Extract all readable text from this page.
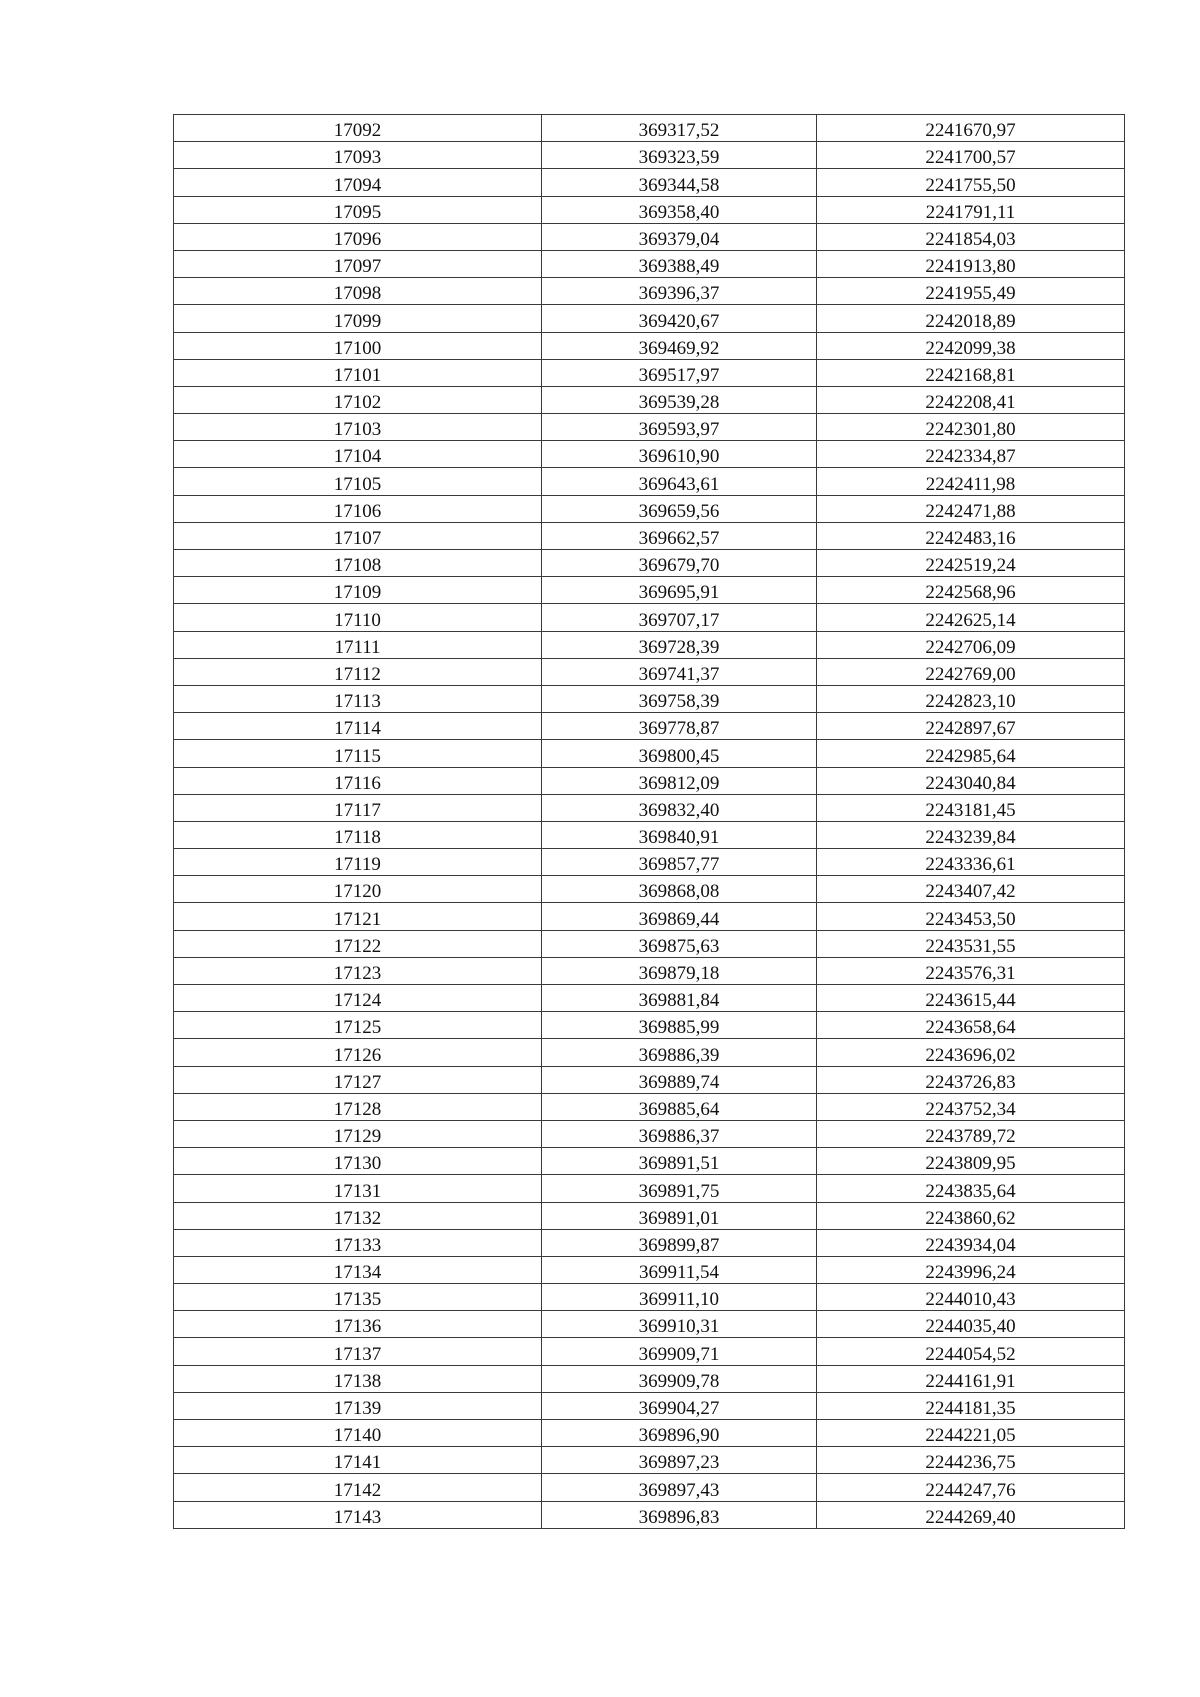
17092	369317,52	2241670,97
17093	369323,59	2241700,57
17094	369344,58	2241755,50
17095	369358,40	2241791,11
17096	369379,04	2241854,03
17097	369388,49	2241913,80
17098	369396,37	2241955,49
17099	369420,67	2242018,89
17100	369469,92	2242099,38
17101	369517,97	2242168,81
17102	369539,28	2242208,41
17103	369593,97	2242301,80
17104	369610,90	2242334,87
17105	369643,61	2242411,98
17106	369659,56	2242471,88
17107	369662,57	2242483,16
17108	369679,70	2242519,24
17109	369695,91	2242568,96
17110	369707,17	2242625,14
17111	369728,39	2242706,09
17112	369741,37	2242769,00
17113	369758,39	2242823,10
17114	369778,87	2242897,67
17115	369800,45	2242985,64
17116	369812,09	2243040,84
17117	369832,40	2243181,45
17118	369840,91	2243239,84
17119	369857,77	2243336,61
17120	369868,08	2243407,42
17121	369869,44	2243453,50
17122	369875,63	2243531,55
17123	369879,18	2243576,31
17124	369881,84	2243615,44
17125	369885,99	2243658,64
17126	369886,39	2243696,02
17127	369889,74	2243726,83
17128	369885,64	2243752,34
17129	369886,37	2243789,72
17130	369891,51	2243809,95
17131	369891,75	2243835,64
17132	369891,01	2243860,62
17133	369899,87	2243934,04
17134	369911,54	2243996,24
17135	369911,10	2244010,43
17136	369910,31	2244035,40
17137	369909,71	2244054,52
17138	369909,78	2244161,91
17139	369904,27	2244181,35
17140	369896,90	2244221,05
17141	369897,23	2244236,75
17142	369897,43	2244247,76
17143	369896,83	2244269,40
